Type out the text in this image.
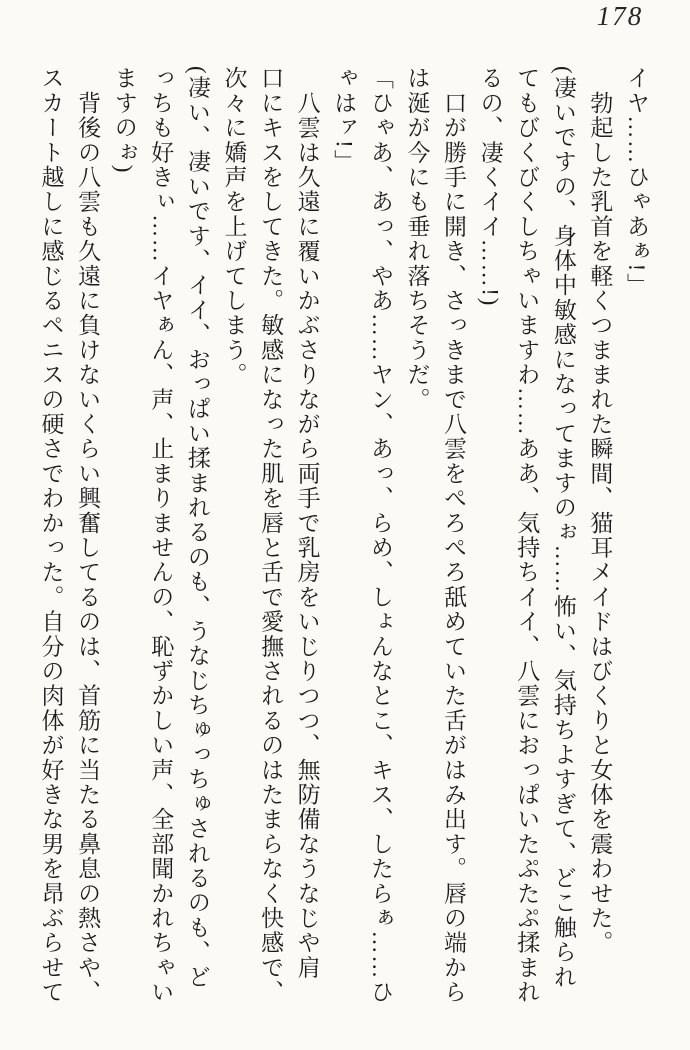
178
イヤ……ひゃあぁ!」
　勃起した乳首を軽くつままれた瞬間、猫耳メイドはびくりと女体を震わせた。
(凄いですの、身体中敏感になってますのぉ……怖い、気持ちよすぎて、どこ触られ
てもびくびくしちゃいますわ……ああ、気持ちイイ、八雲におっぱいたぷたぷ揉まれ
るの、凄くイイ……!)
　口が勝手に開き、さっきまで八雲をぺろぺろ舐めていた舌がはみ出す。唇の端から
は涎が今にも垂れ落ちそうだ。
「ひゃあ、あっ、やあ……ヤン、あっ、らめ、しょんなとこ、キス、したらぁ……ひ
ゃはァ!」
　八雲は久遠に覆いかぶさりながら両手で乳房をいじりつつ、無防備なうなじや肩
口にキスをしてきた。敏感になった肌を唇と舌で愛撫されるのはたまらなく快感で、
次々に嬌声を上げてしまう。
(凄い、凄いです、イイ、おっぱい揉まれるのも、うなじちゅっちゅされるのも、ど
っちも好きぃ……イヤぁん、声、止まりませんの、恥ずかしい声、全部聞かれちゃい
ますのぉ)
　背後の八雲も久遠に負けないくらい興奮してるのは、首筋に当たる鼻息の熱さや、
スカート越しに感じるペニスの硬さでわかった。自分の肉体が好きな男を昂ぶらせて
